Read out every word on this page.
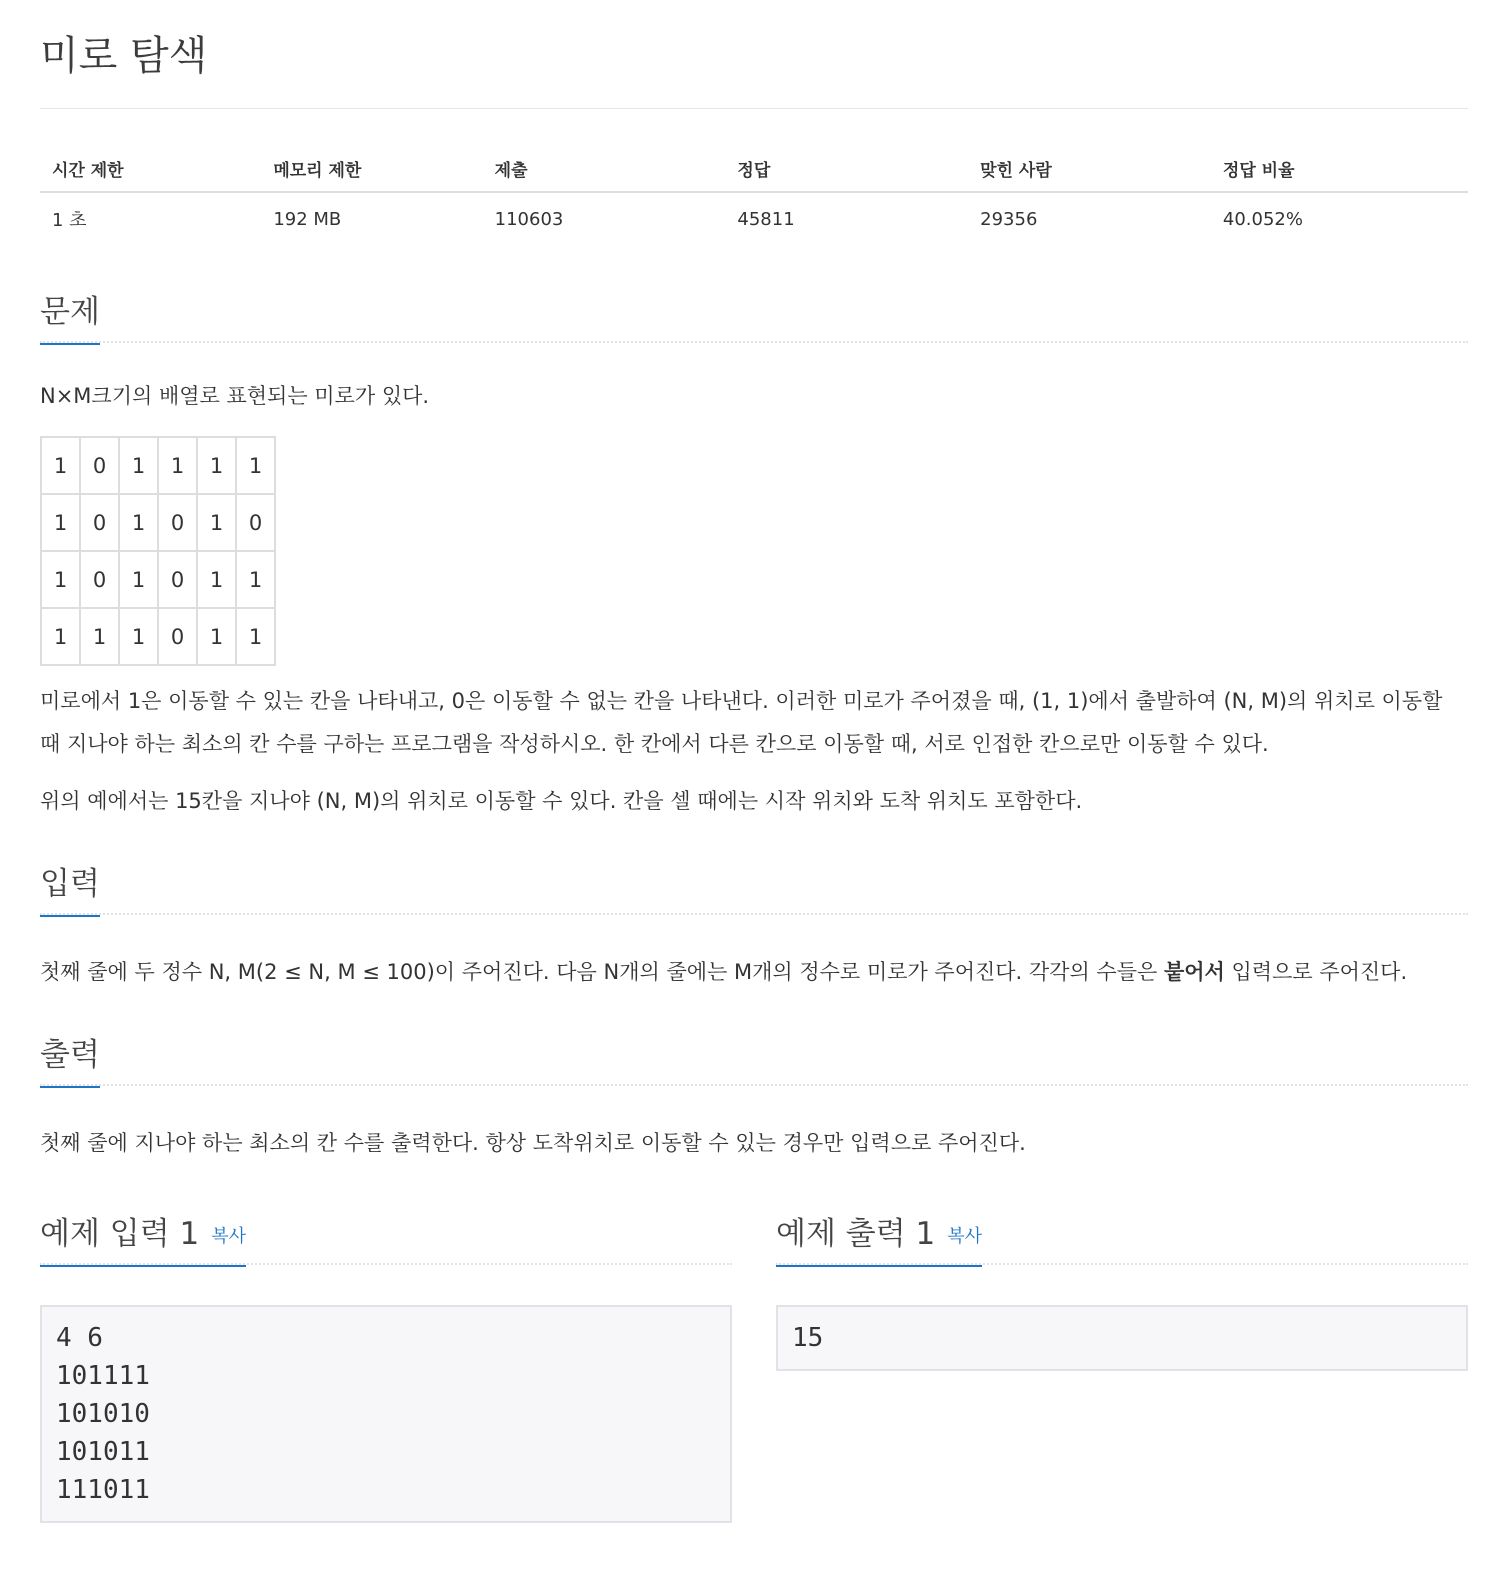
미로 탐색
시간 제한	메모리 제한	제출	정답	맞힌 사람	정답 비율
1 초	192 MB	110603	45811	29356	40.052%
문제

N×M크기의 배열로 표현되는 미로가 있다.

1	0	1	1	1	1
1	0	1	0	1	0
1	0	1	0	1	1
1	1	1	0	1	1

미로에서 1은 이동할 수 있는 칸을 나타내고, 0은 이동할 수 없는 칸을 나타낸다. 이러한 미로가 주어졌을 때, (1, 1)에서 출발하여 (N, M)의 위치로 이동할 때 지나야 하는 최소의 칸 수를 구하는 프로그램을 작성하시오. 한 칸에서 다른 칸으로 이동할 때, 서로 인접한 칸으로만 이동할 수 있다.

위의 예에서는 15칸을 지나야 (N, M)의 위치로 이동할 수 있다. 칸을 셀 때에는 시작 위치와 도착 위치도 포함한다.

입력

첫째 줄에 두 정수 N, M(2 ≤ N, M ≤ 100)이 주어진다. 다음 N개의 줄에는 M개의 정수로 미로가 주어진다. 각각의 수들은 붙어서 입력으로 주어진다.

출력

첫째 줄에 지나야 하는 최소의 칸 수를 출력한다. 항상 도착위치로 이동할 수 있는 경우만 입력으로 주어진다.

예제 입력 1 복사
4 6
101111
101010
101011
111011
예제 출력 1 복사
15
